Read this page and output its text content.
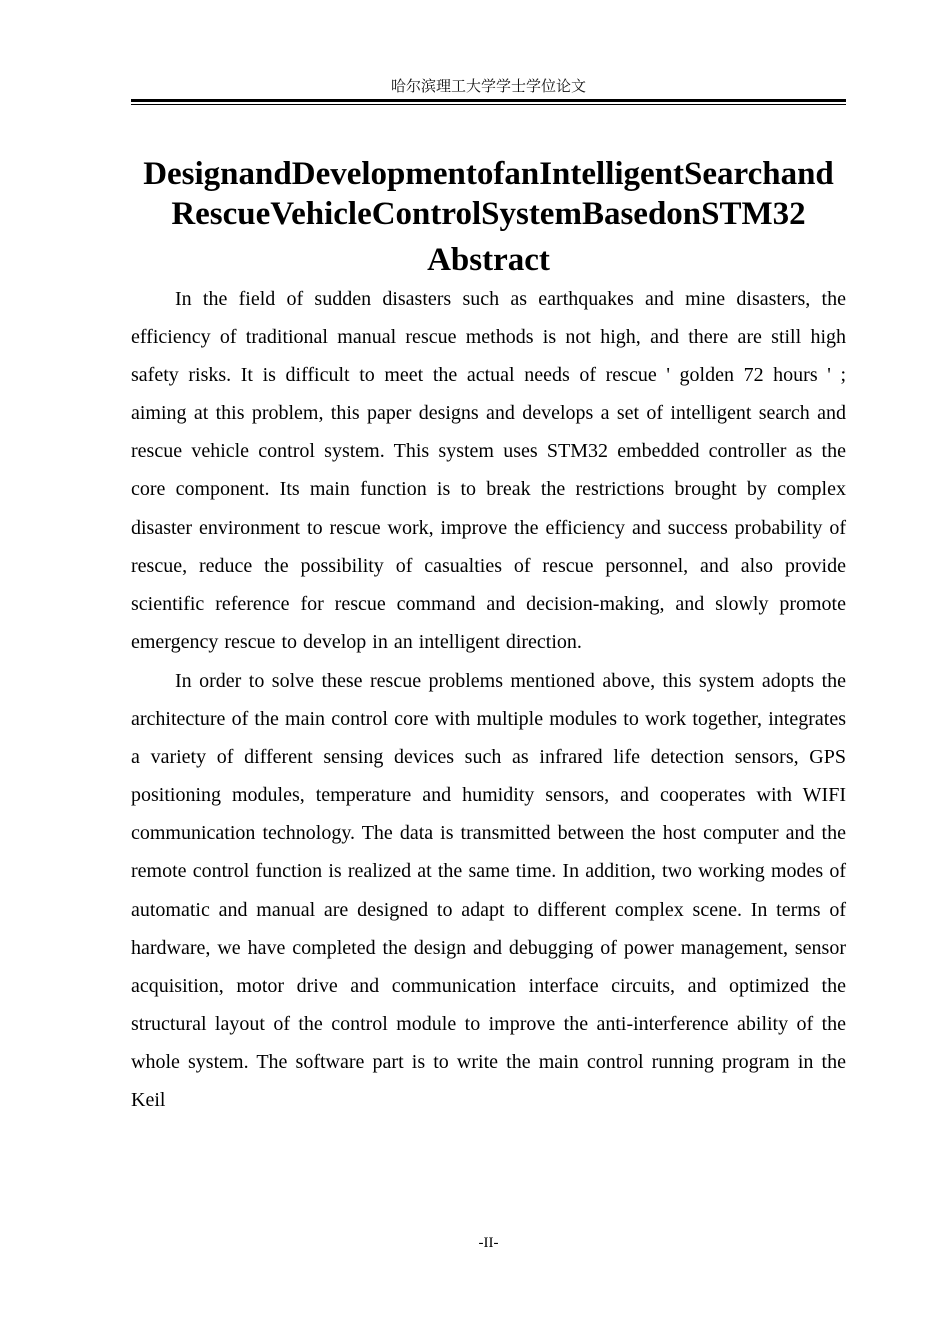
哈尔滨理工大学学士学位论文
DesignandDevelopmentofanIntelligentSearchand
RescueVehicleControlSystemBasedonSTM32
Abstract

In the field of sudden disasters such as earthquakes and mine disasters, the efficiency of traditional manual rescue methods is not high, and there are still high safety risks. It is difficult to meet the actual needs of rescue ' golden 72 hours ' ; aiming at this problem, this paper designs and develops a set of intelligent search and rescue vehicle control system. This system uses STM32 embedded controller as the core component. Its main function is to break the restrictions brought by complex disaster environment to rescue work, improve the efficiency and success probability of rescue, reduce the possibility of casualties of rescue personnel, and also provide scientific reference for rescue command and decision-making, and slowly promote emergency rescue to develop in an intelligent direction.

In order to solve these rescue problems mentioned above, this system adopts the architecture of the main control core with multiple modules to work together, integrates a variety of different sensing devices such as infrared life detection sensors, GPS positioning modules, temperature and humidity sensors, and cooperates with WIFI communication technology. The data is transmitted between the host computer and the remote control function is realized at the same time. In addition, two working modes of automatic and manual are designed to adapt to different complex scene. In terms of hardware, we have completed the design and debugging of power management, sensor acquisition, motor drive and communication interface circuits, and optimized the structural layout of the control module to improve the anti-interference ability of the whole system. The software part is to write the main control running program in the Keil

-II-
